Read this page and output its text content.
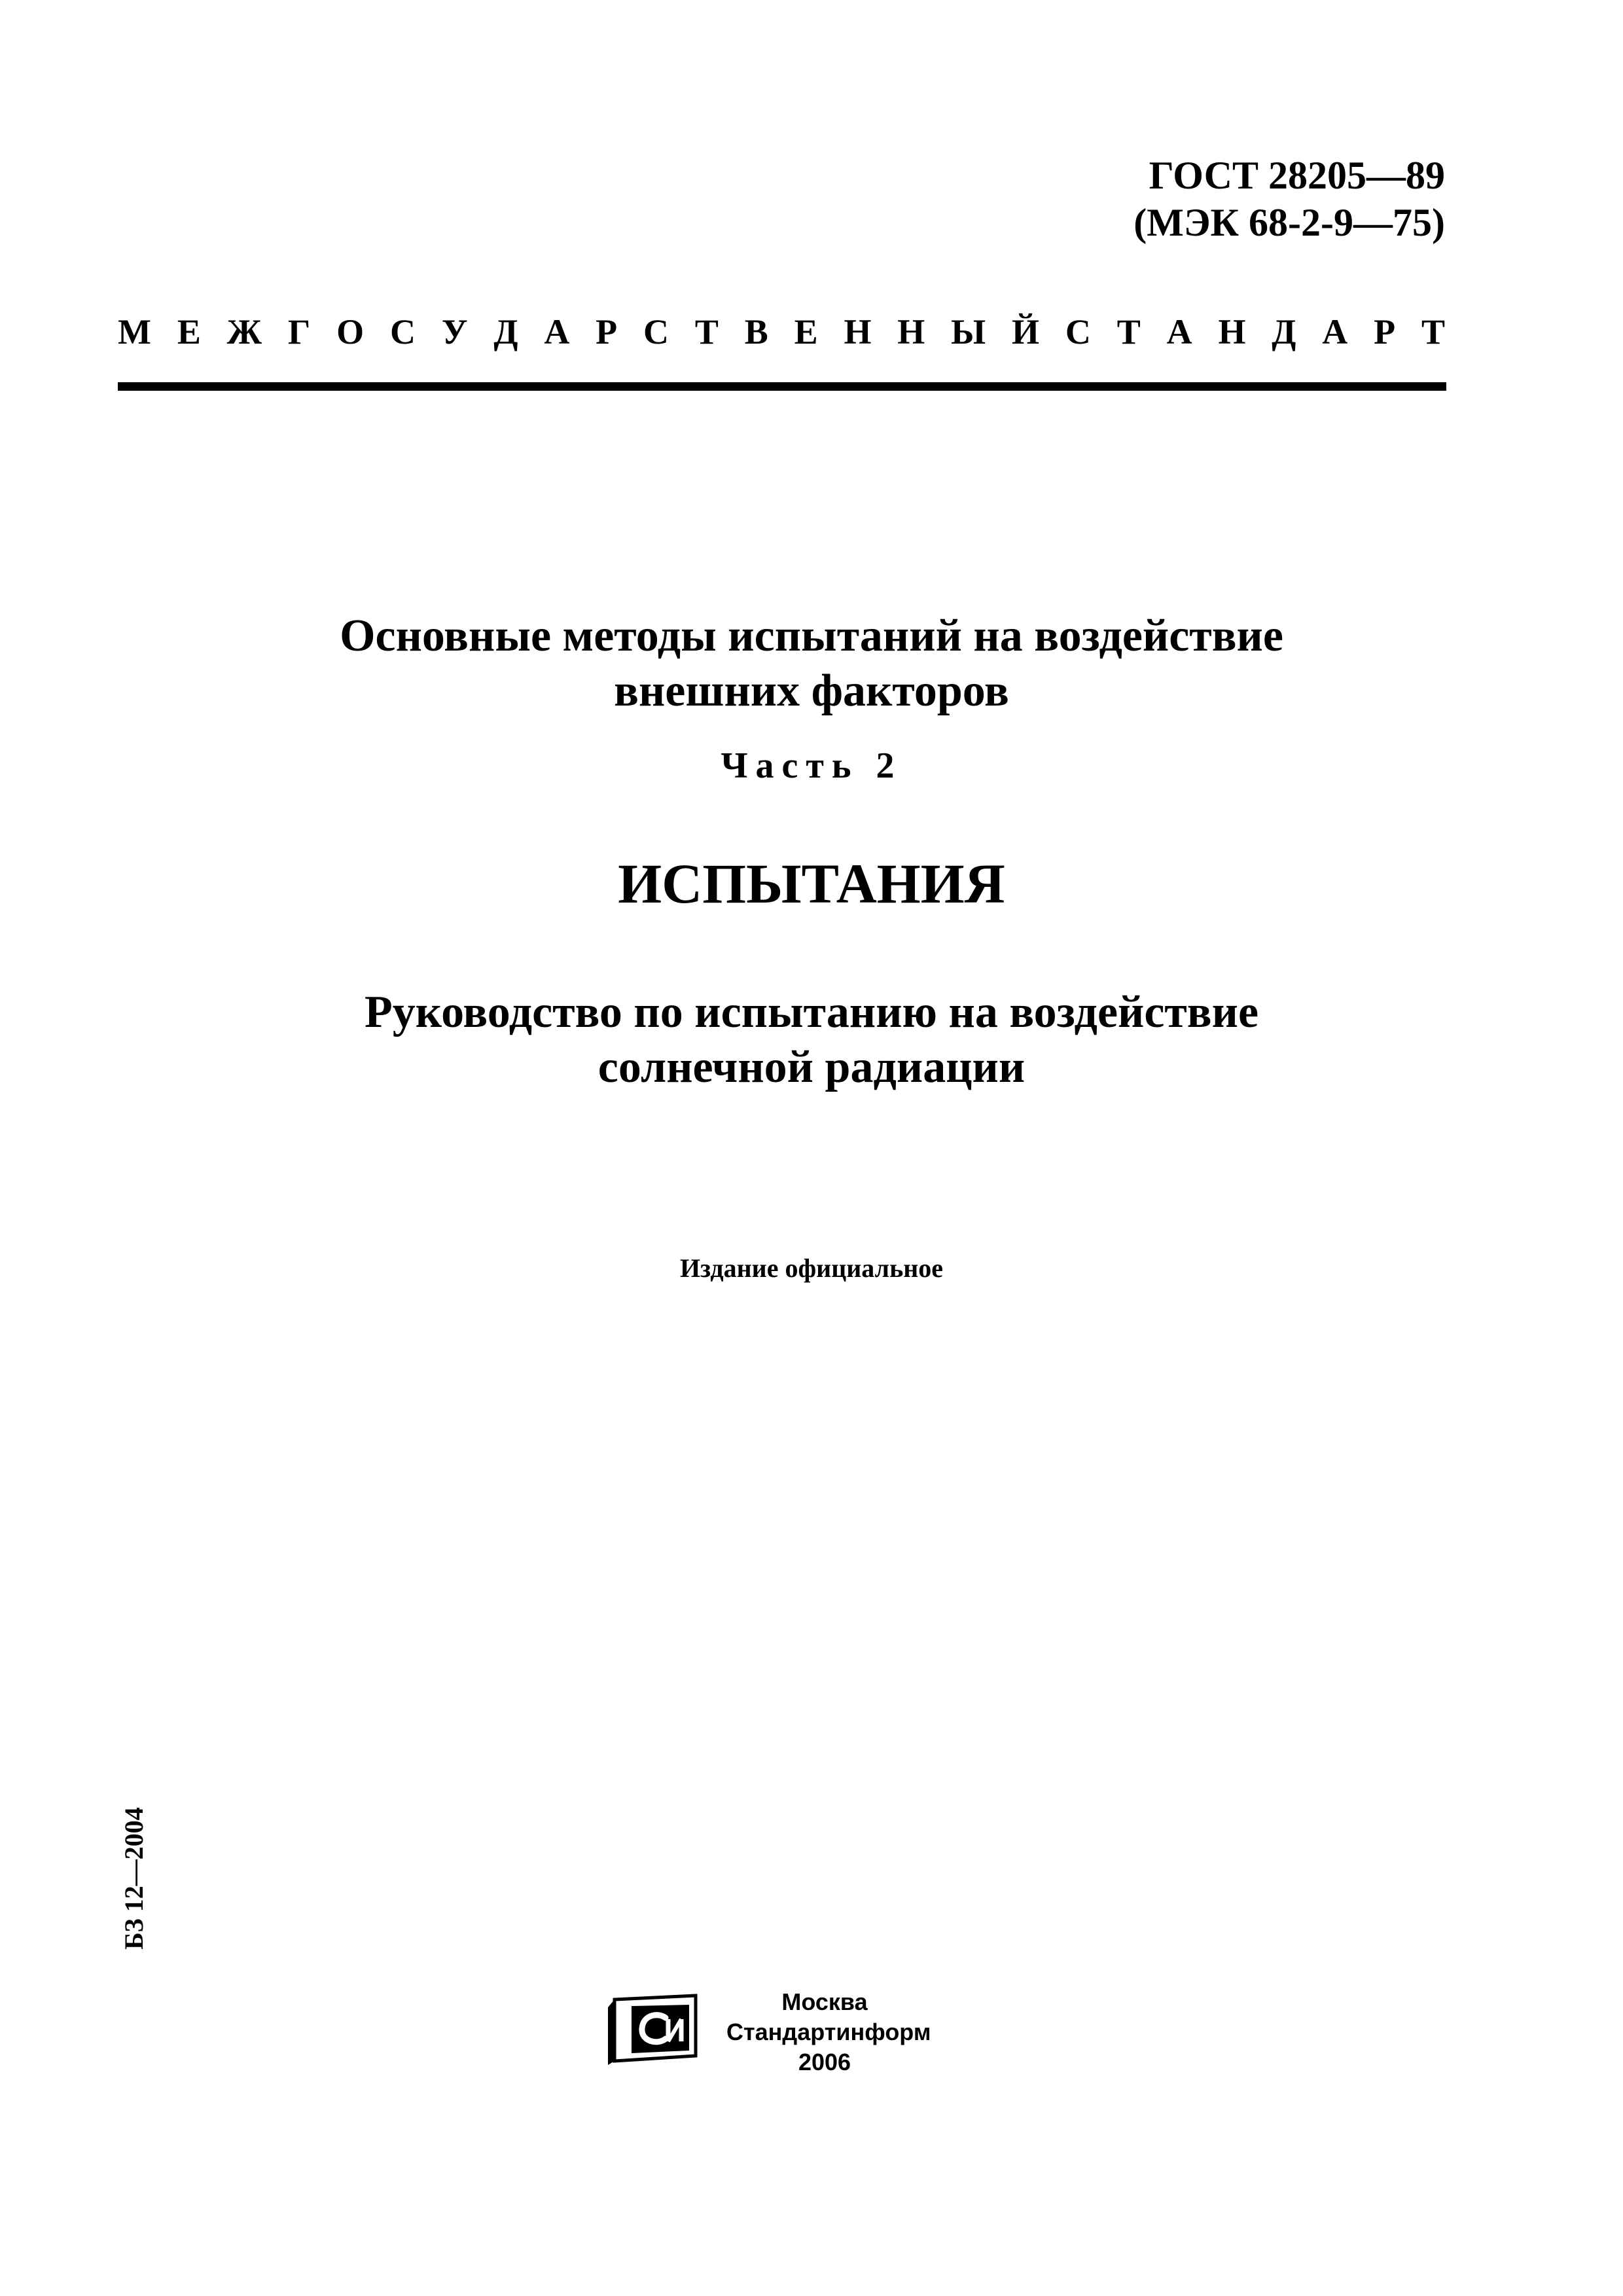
ГОСТ 28205—89
(МЭК 68-2-9—75)
М Е Ж Г О С У Д А Р С Т В Е Н Н Ы Й С Т А Н Д А Р Т
Основные методы испытаний на воздействие
внешних факторов
Часть 2
ИСПЫТАНИЯ
Руководство по испытанию на воздействие
солнечной радиации
Издание официальное
БЗ 12—2004
Москва
Стандартинформ
2006
